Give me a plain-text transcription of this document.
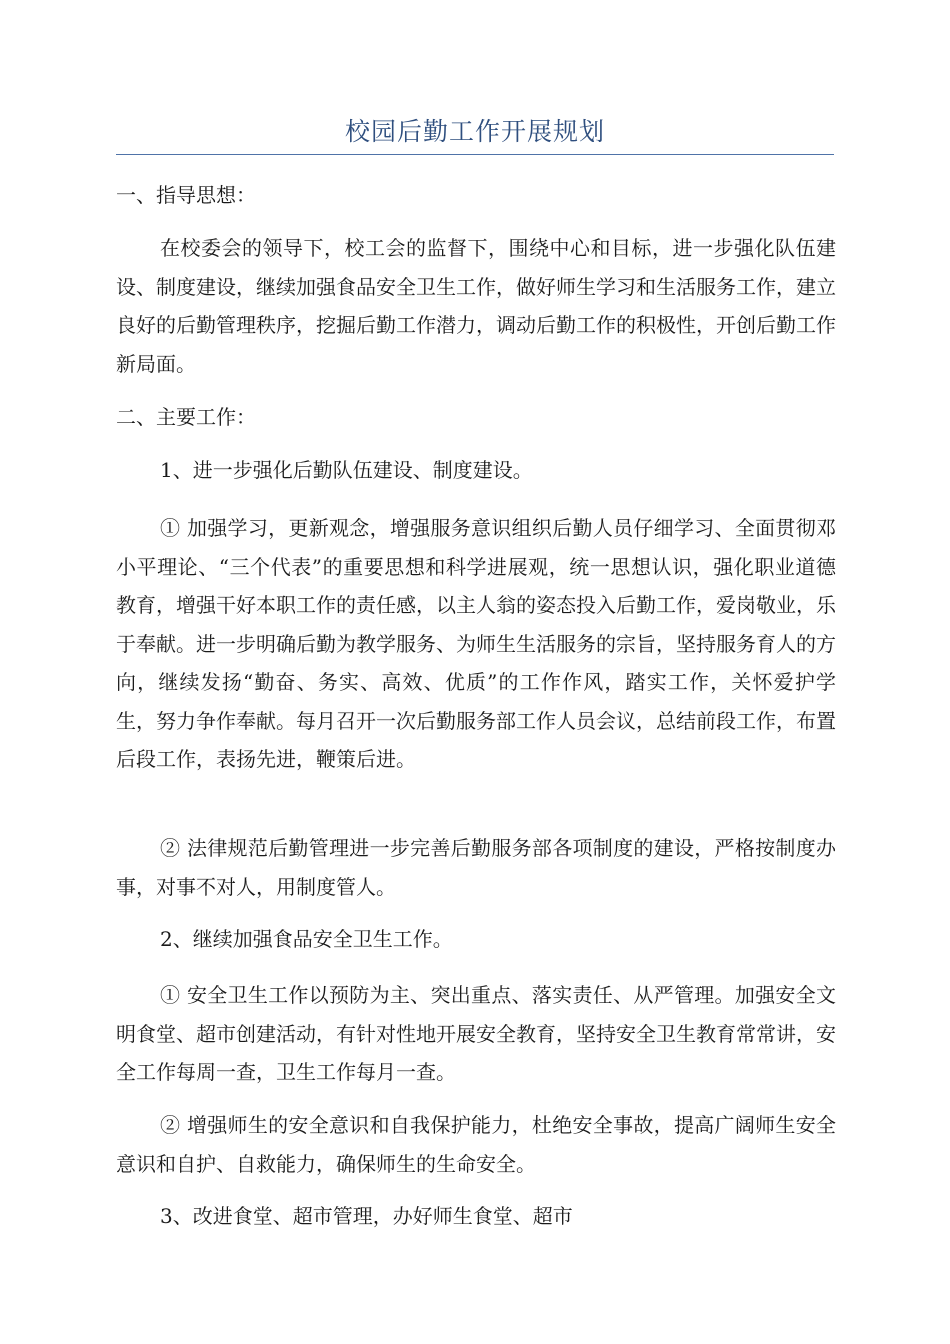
校园后勤工作开展规划

一、指导思想：

在校委会的领导下，校工会的监督下，围绕中心和目标，进一步强化队伍建设、制度建设，继续加强食品安全卫生工作，做好师生学习和生活服务工作，建立良好的后勤管理秩序，挖掘后勤工作潜力，调动后勤工作的积极性，开创后勤工作新局面。

二、主要工作：

1、进一步强化后勤队伍建设、制度建设。

① 加强学习，更新观念，增强服务意识组织后勤人员仔细学习、全面贯彻邓小平理论、“三个代表”的重要思想和科学进展观，统一思想认识，强化职业道德教育，增强干好本职工作的责任感，以主人翁的姿态投入后勤工作，爱岗敬业，乐于奉献。进一步明确后勤为教学服务、为师生生活服务的宗旨，坚持服务育人的方向，继续发扬“勤奋、务实、高效、优质”的工作作风，踏实工作，关怀爱护学生，努力争作奉献。每月召开一次后勤服务部工作人员会议，总结前段工作，布置后段工作，表扬先进，鞭策后进。

② 法律规范后勤管理进一步完善后勤服务部各项制度的建设，严格按制度办事，对事不对人，用制度管人。

2、继续加强食品安全卫生工作。

① 安全卫生工作以预防为主、突出重点、落实责任、从严管理。加强安全文明食堂、超市创建活动，有针对性地开展安全教育，坚持安全卫生教育常常讲，安全工作每周一查，卫生工作每月一查。

② 增强师生的安全意识和自我保护能力，杜绝安全事故，提高广阔师生安全意识和自护、自救能力，确保师生的生命安全。

3、改进食堂、超市管理，办好师生食堂、超市
